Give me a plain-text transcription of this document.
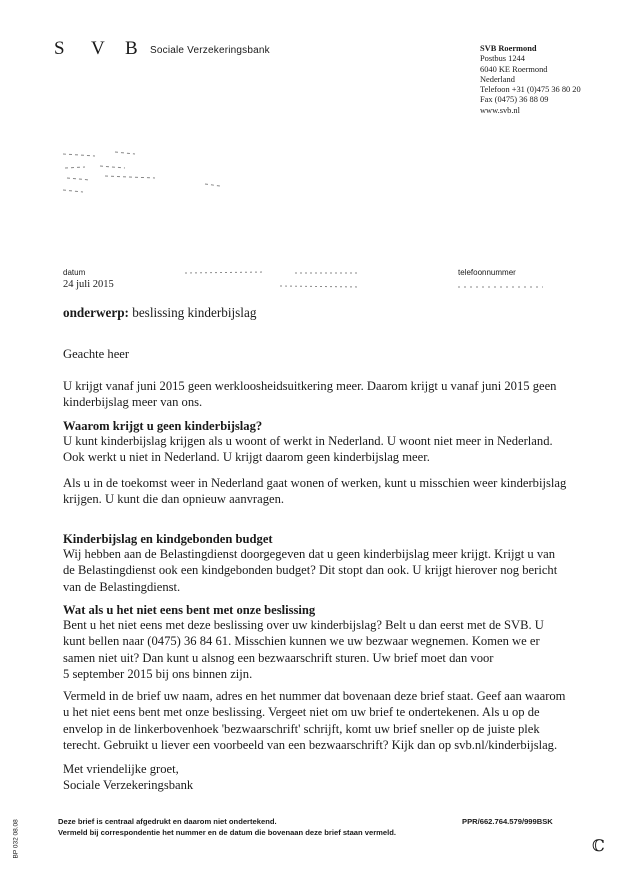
S V B Sociale Verzekeringsbank	SVB Roermond
Postbus 1244
6040 KE Roermond
Nederland
Telefoon +31 (0)475 36 80 20
Fax (0475) 36 88 09
www.svb.nl
datum
24 juli 2015
telefoonnummer
onderwerp: beslissing kinderbijslag
Geachte heer
U krijgt vanaf juni 2015 geen werkloosheidsuitkering meer. Daarom krijgt u vanaf juni 2015 geen
kinderbijslag meer van ons.
Waarom krijgt u geen kinderbijslag?
U kunt kinderbijslag krijgen als u woont of werkt in Nederland. U woont niet meer in Nederland.
Ook werkt u niet in Nederland. U krijgt daarom geen kinderbijslag meer.
Als u in de toekomst weer in Nederland gaat wonen of werken, kunt u misschien weer kinderbijslag
krijgen. U kunt die dan opnieuw aanvragen.
Kinderbijslag en kindgebonden budget
Wij hebben aan de Belastingdienst doorgegeven dat u geen kinderbijslag meer krijgt. Krijgt u van
de Belastingdienst ook een kindgebonden budget? Dit stopt dan ook. U krijgt hierover nog bericht
van de Belastingdienst.
Wat als u het niet eens bent met onze beslissing
Bent u het niet eens met deze beslissing over uw kinderbijslag? Belt u dan eerst met de SVB. U
kunt bellen naar (0475) 36 84 61. Misschien kunnen we uw bezwaar wegnemen. Komen we er
samen niet uit? Dan kunt u alsnog een bezwaarschrift sturen. Uw brief moet dan voor
5 september 2015 bij ons binnen zijn.
Vermeld in de brief uw naam, adres en het nummer dat bovenaan deze brief staat. Geef aan waarom
u het niet eens bent met onze beslissing. Vergeet niet om uw brief te ondertekenen. Als u op de
envelop in de linkerbovenhoek 'bezwaarschrift' schrijft, komt uw brief sneller op de juiste plek
terecht. Gebruikt u liever een voorbeeld van een bezwaarschrift? Kijk dan op svb.nl/kinderbijslag.
Met vriendelijke groet,
Sociale Verzekeringsbank
Deze brief is centraal afgedrukt en daarom niet ondertekend.
Vermeld bij correspondentie het nummer en de datum die bovenaan deze brief staan vermeld.
PPR/662.764.579/999BSK
BP 032 08.08	ℂ
